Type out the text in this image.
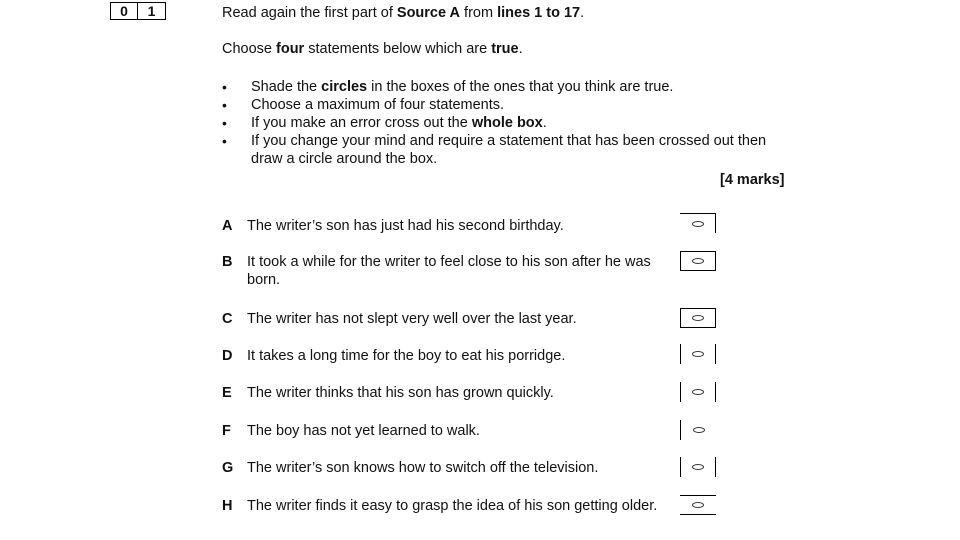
0	1	Read again the first part of Source A from lines 1 to 17.
Choose four statements below which are true.
•	Shade the circles in the boxes of the ones that you think are true.
•	Choose a maximum of four statements.
•	If you make an error cross out the whole box.
•	If you change your mind and require a statement that has been crossed out then draw a circle around the box.
[4 marks]
A	The writer’s son has just had his second birthday.
B	It took a while for the writer to feel close to his son after he was born.
C	The writer has not slept very well over the last year.
D	It takes a long time for the boy to eat his porridge.
E	The writer thinks that his son has grown quickly.
F	The boy has not yet learned to walk.
G The writer’s son knows how to switch off the television.
H	The writer finds it easy to grasp the idea of his son getting older.
